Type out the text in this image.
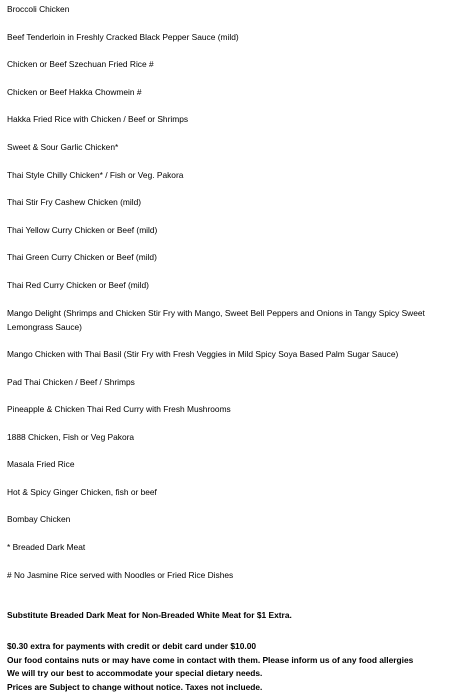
Broccoli Chicken

Beef Tenderloin in Freshly Cracked Black Pepper Sauce (mild)

Chicken or Beef Szechuan Fried Rice #

Chicken or Beef Hakka Chowmein #

Hakka Fried Rice with Chicken / Beef or Shrimps

Sweet & Sour Garlic Chicken*

Thai Style Chilly Chicken* / Fish or Veg. Pakora

Thai Stir Fry Cashew Chicken (mild)

Thai Yellow Curry Chicken or Beef (mild)

Thai Green Curry Chicken or Beef (mild)

Thai Red Curry Chicken or Beef (mild)

Mango Delight (Shrimps and Chicken Stir Fry with Mango, Sweet Bell Peppers and Onions in Tangy Spicy Sweet Lemongrass Sauce)

Mango Chicken with Thai Basil (Stir Fry with Fresh Veggies in Mild Spicy Soya Based Palm Sugar Sauce)

Pad Thai Chicken / Beef / Shrimps

Pineapple & Chicken Thai Red Curry with Fresh Mushrooms

1888 Chicken, Fish or Veg Pakora

Masala Fried Rice

Hot & Spicy Ginger Chicken, fish or beef

Bombay Chicken

* Breaded Dark Meat

# No Jasmine Rice served with Noodles or Fried Rice Dishes

Substitute Breaded Dark Meat for Non-Breaded White Meat for $1 Extra.

$0.30 extra for payments with credit or debit card under $10.00

Our food contains nuts or may have come in contact with them. Please inform us of any food allergies

We will try our best to accommodate your special dietary needs.

Prices are Subject to change without notice. Taxes not incluede.
